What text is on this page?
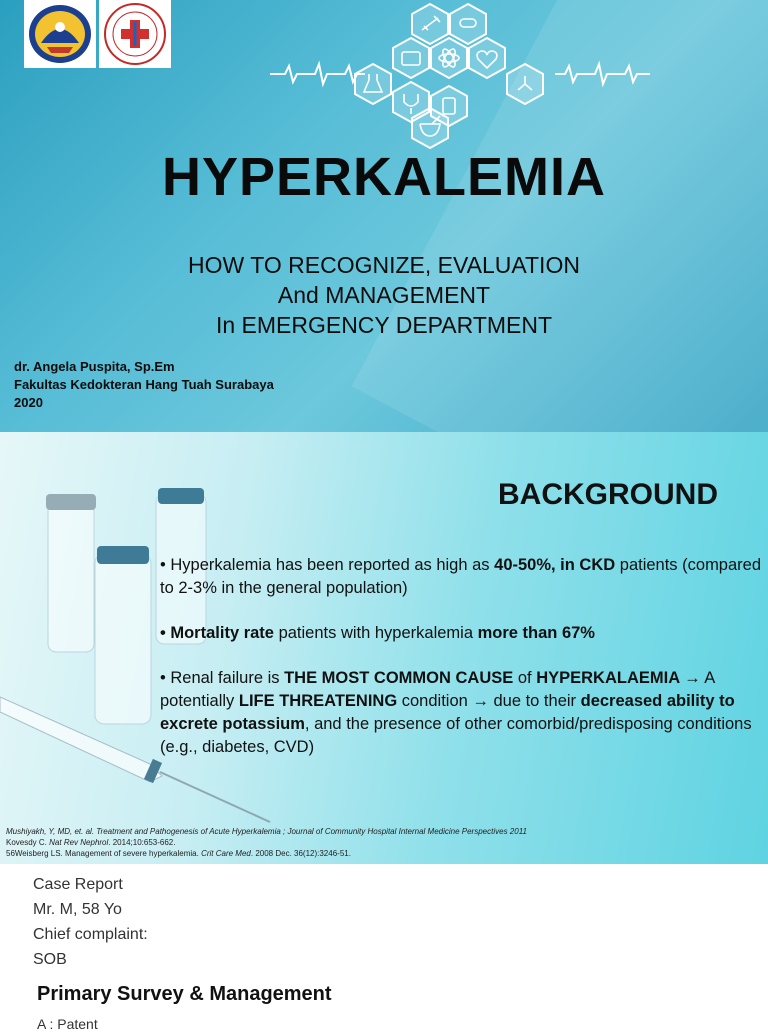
HYPERKALEMIA
HOW TO RECOGNIZE, EVALUATION
And MANAGEMENT
In EMERGENCY DEPARTMENT
dr. Angela Puspita, Sp.Em
Fakultas Kedokteran Hang Tuah Surabaya
2020
BACKGROUND

• Hyperkalemia has been reported as high as 40-50%, in CKD patients (compared to 2-3% in the general population)

• Mortality rate patients with hyperkalemia more than 67%

• Renal failure is THE MOST COMMON CAUSE of HYPERKALAEMIA → A potentially LIFE THREATENING condition → due to their decreased ability to excrete potassium, and the presence of other comorbid/predisposing conditions (e.g., diabetes, CVD)

Mushiyakh, Y, MD, et. al. Treatment and Pathogenesis of Acute Hyperkalemia ; Journal of Community Hospital Internal Medicine Perspectives 2011
Kovesdy C. Nat Rev Nephrol. 2014;10:653-662.
56Weisberg LS. Management of severe hyperkalemia. Crit Care Med. 2008 Dec. 36(12):3246-51.
Case Report
Mr. M, 58 Yo
Chief complaint:
SOB
Primary Survey & Management
A : Patent
